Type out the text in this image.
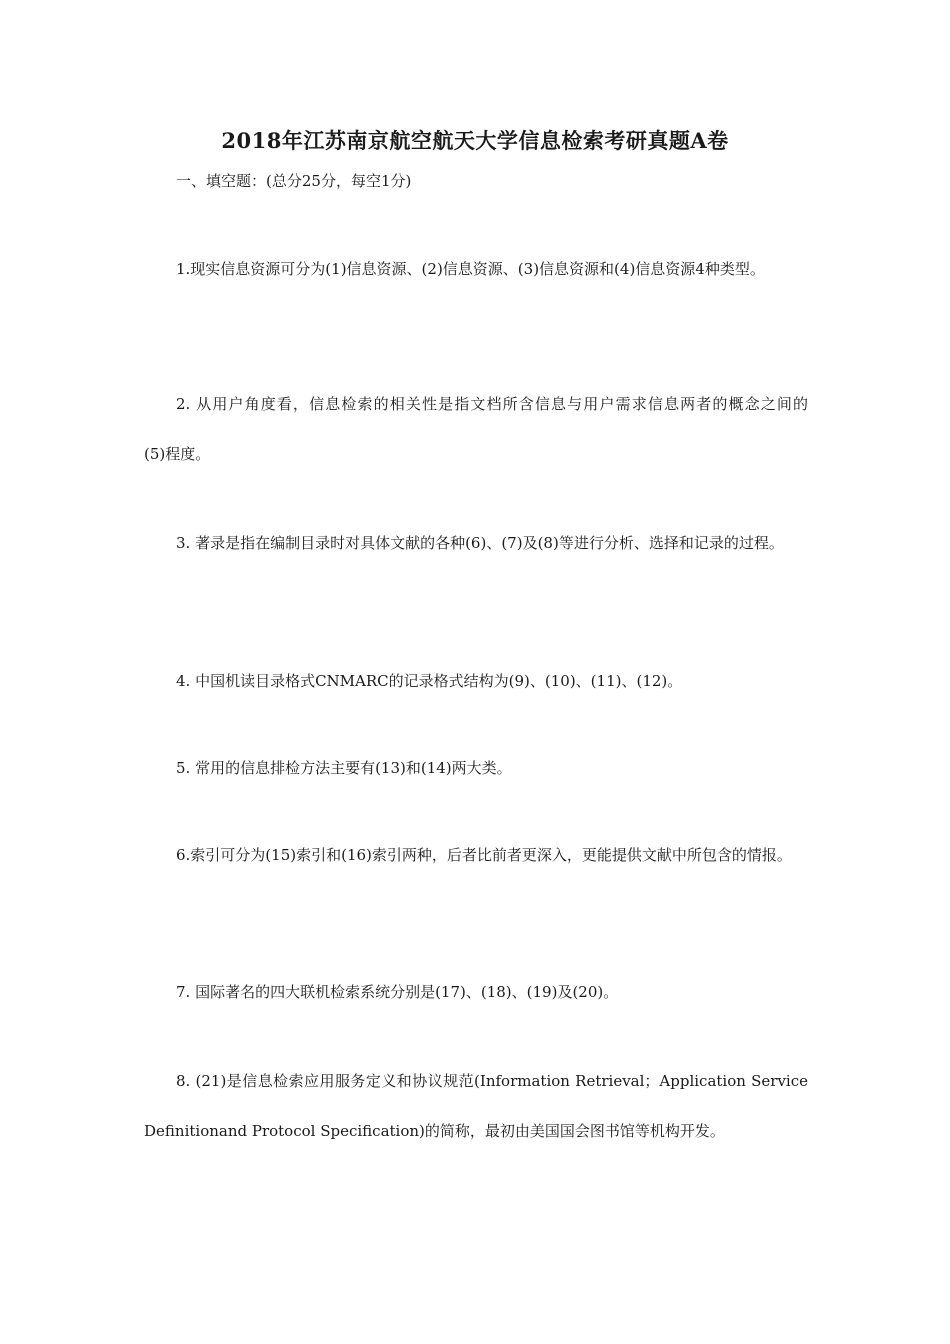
2018年江苏南京航空航天大学信息检索考研真题A卷
一、填空题：(总分25分，每空1分)
1.现实信息资源可分为(1)信息资源、(2)信息资源、(3)信息资源和(4)信息资源4种类型。
2. 从用户角度看，信息检索的相关性是指文档所含信息与用户需求信息两者的概念之间的　　(5)程度。
3. 著录是指在编制目录时对具体文献的各种(6)、(7)及(8)等进行分析、选择和记录的过程。
4. 中国机读目录格式CNMARC的记录格式结构为(9)、(10)、(11)、(12)。
5. 常用的信息排检方法主要有(13)和(14)两大类。
6.索引可分为(15)索引和(16)索引两种，后者比前者更深入，更能提供文献中所包含的情报。
7. 国际著名的四大联机检索系统分别是(17)、(18)、(19)及(20)。
8. (21)是信息检索应用服务定义和协议规范(Information Retrieval；Application Service Definitionand Protocol Specification)的简称，最初由美国国会图书馆等机构开发。
